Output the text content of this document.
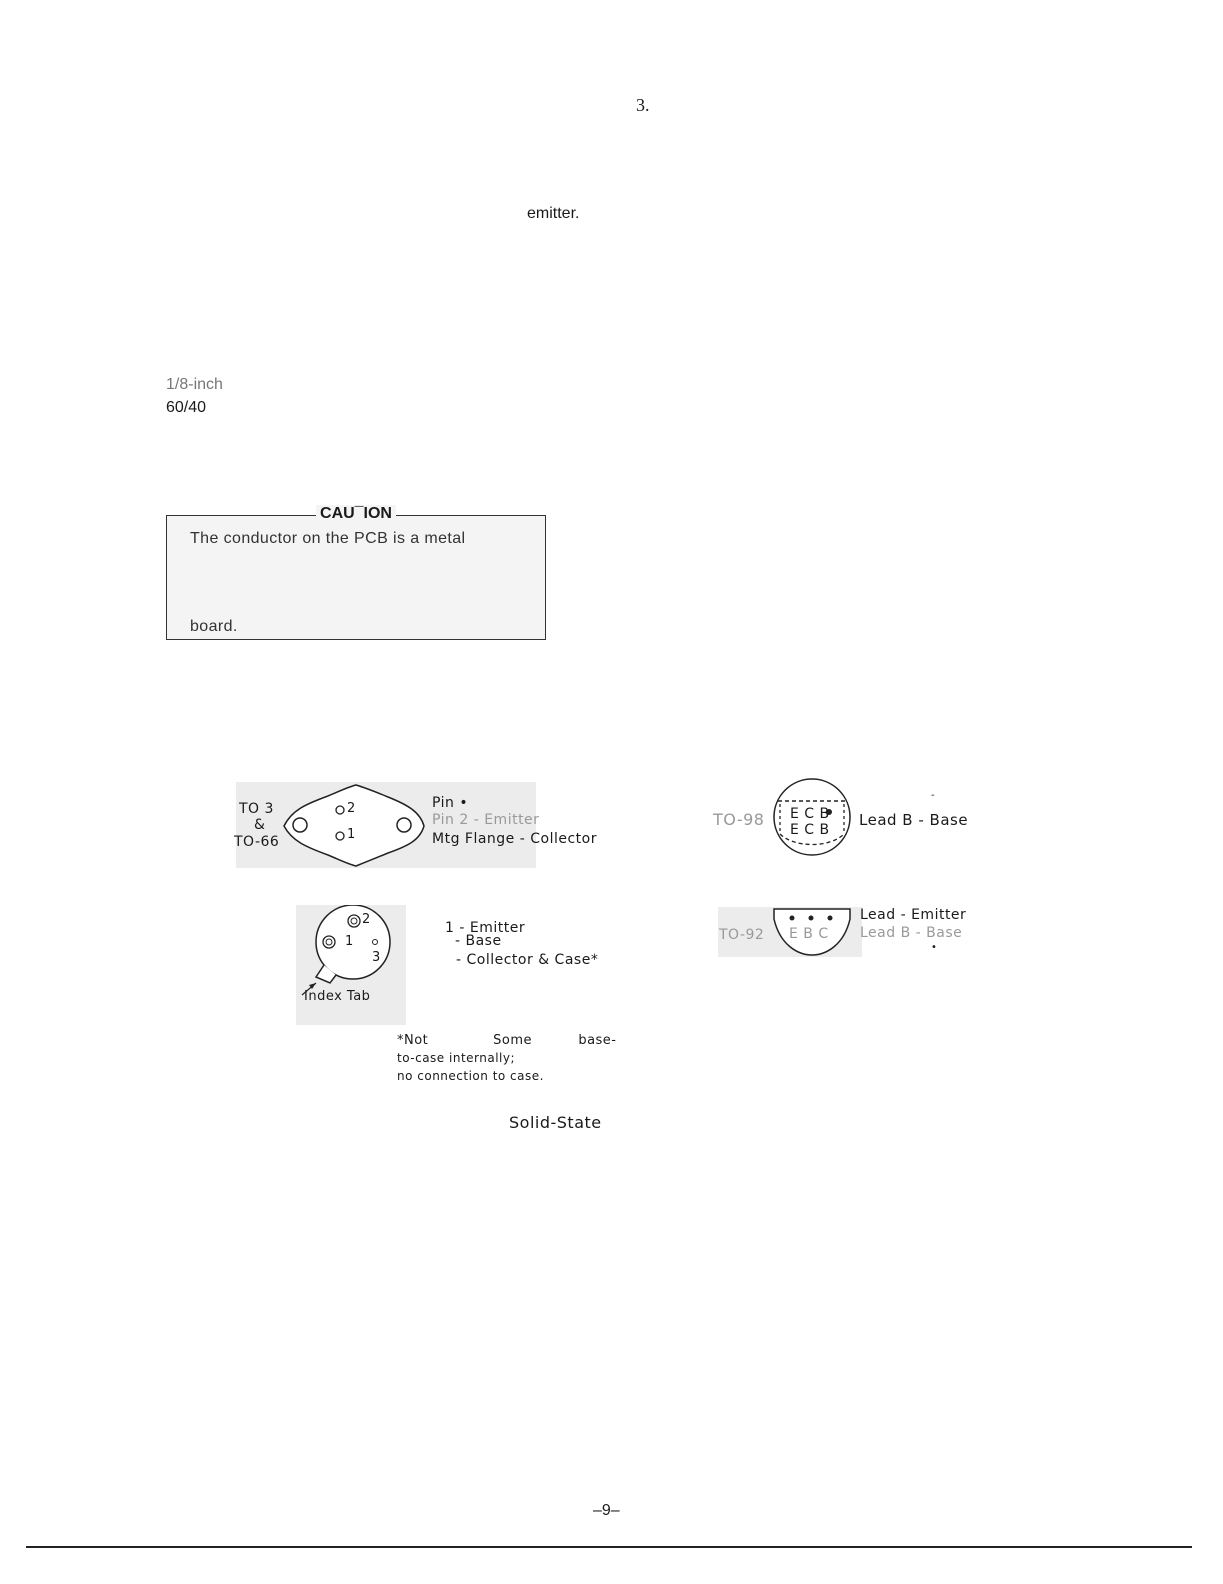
3.
emitter.
1/8-inch
60/40
CAU¯ION
The conductor on the PCB is a metal
board.
2
1
TO 3
&
TO-66
Pin •
Pin 2 - Emitter
Mtg Flange - Collector
TO-98 E C B
E C B
-
Lead B - Base
2
1
3
Index Tab
1 - Emitter
- Base
- Collector & Case*
TO-92 E B C
Lead - Emitter
Lead B - Base
•
*Not              Some          base-
to-case internally;
no connection to case.
Solid-State
–9–
